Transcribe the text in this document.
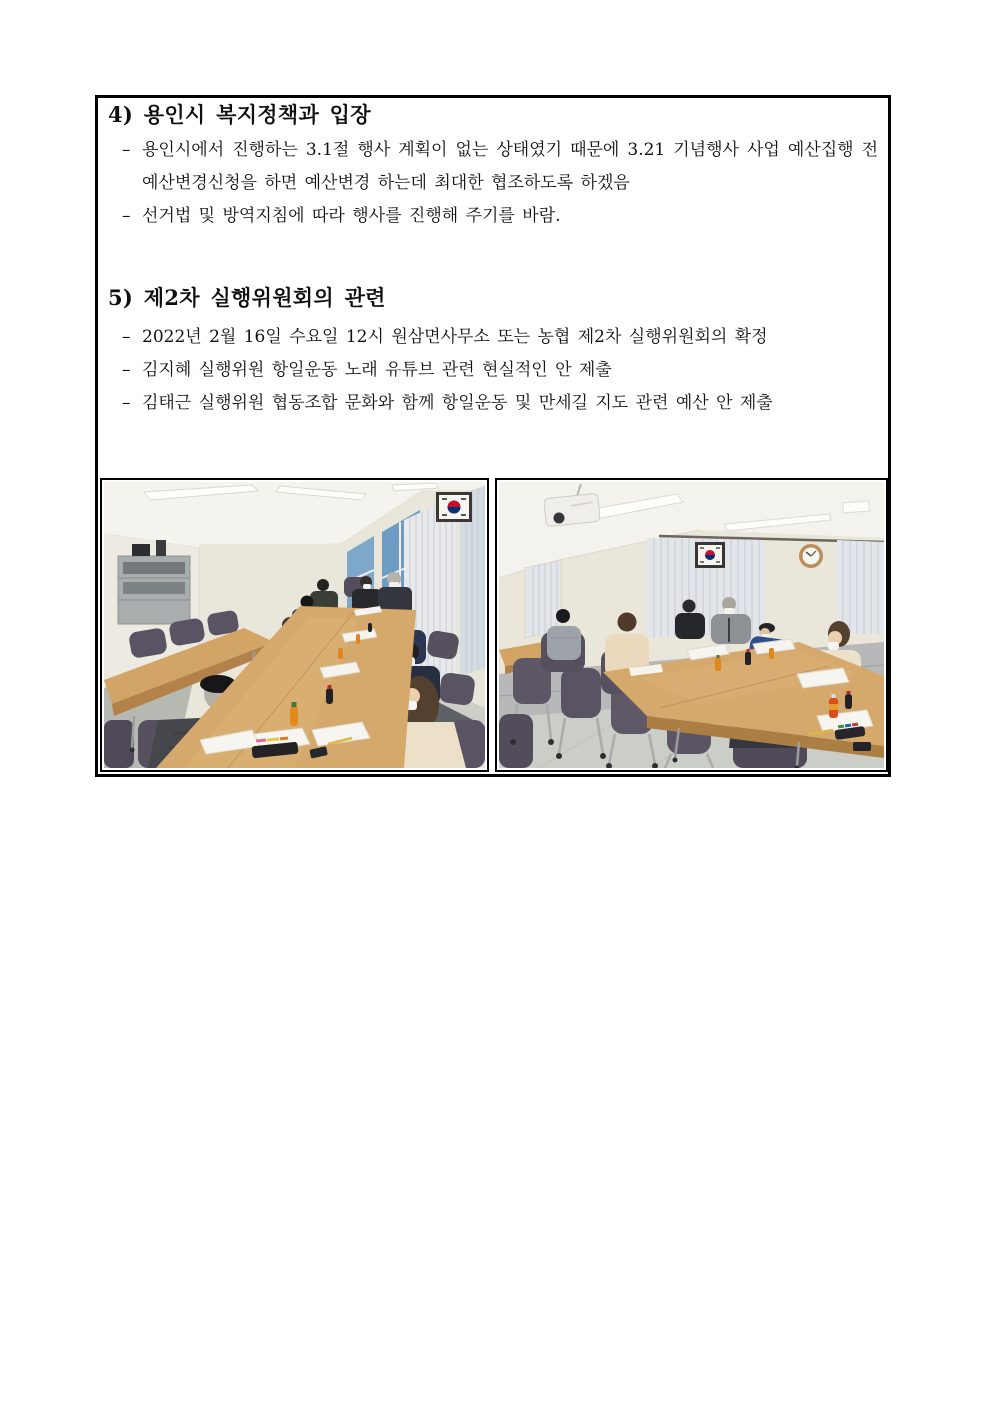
4) 용인시 복지정책과 입장
– 용인시에서 진행하는 3.1절 행사 계획이 없는 상태였기 때문에 3.21 기념행사 사업 예산집행 전 예산변경신청을 하면 예산변경 하는데 최대한 협조하도록 하겠음
– 선거법 및 방역지침에 따라 행사를 진행해 주기를 바람.
5) 제2차 실행위원회의 관련
– 2022년 2월 16일 수요일 12시 원삼면사무소 또는 농협 제2차 실행위원회의 확정
– 김지혜 실행위원 항일운동 노래 유튜브 관련 현실적인 안 제출
– 김태근 실행위원 협동조합 문화와 함께 항일운동 및 만세길 지도 관련 예산 안 제출
